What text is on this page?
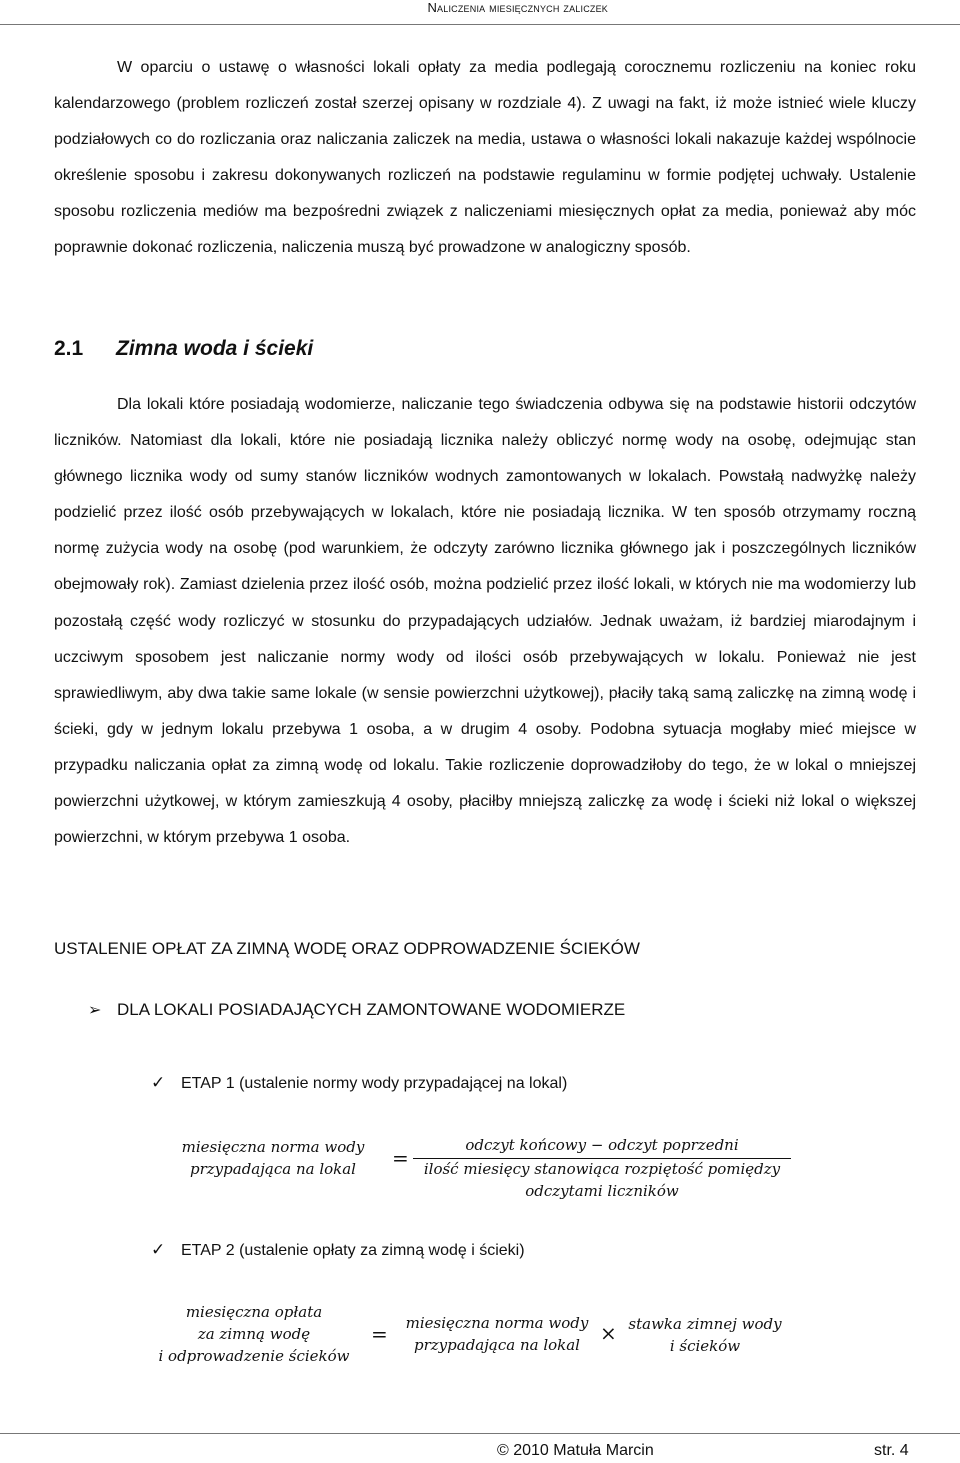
Naliczenia miesięcznych zaliczek

W oparciu o ustawę o własności lokali opłaty za media podlegają corocznemu rozliczeniu na koniec roku kalendarzowego (problem rozliczeń został szerzej opisany w rozdziale 4). Z uwagi na fakt, iż może istnieć wiele kluczy podziałowych co do rozliczania oraz naliczania zaliczek na media, ustawa o własności lokali nakazuje każdej wspólnocie określenie sposobu i zakresu dokonywanych rozliczeń na podstawie regulaminu w formie podjętej uchwały. Ustalenie sposobu rozliczenia mediów ma bezpośredni związek z naliczeniami miesięcznych opłat za media, ponieważ aby móc poprawnie dokonać rozliczenia, naliczenia muszą być prowadzone w analogiczny sposób.

2.1 Zimna woda i ścieki

Dla lokali które posiadają wodomierze, naliczanie tego świadczenia odbywa się na podstawie historii odczytów liczników. Natomiast dla lokali, które nie posiadają licznika należy obliczyć normę wody na osobę, odejmując stan głównego licznika wody od sumy stanów liczników wodnych zamontowanych w lokalach. Powstałą nadwyżkę należy podzielić przez ilość osób przebywających w lokalach, które nie posiadają licznika. W ten sposób otrzymamy roczną normę zużycia wody na osobę (pod warunkiem, że odczyty zarówno licznika głównego jak i poszczególnych liczników obejmowały rok). Zamiast dzielenia przez ilość osób, można podzielić przez ilość lokali, w których nie ma wodomierzy lub pozostałą część wody rozliczyć w stosunku do przypadających udziałów. Jednak uważam, iż bardziej miarodajnym i uczciwym sposobem jest naliczanie normy wody od ilości osób przebywających w lokalu. Ponieważ nie jest sprawiedliwym, aby dwa takie same lokale (w sensie powierzchni użytkowej), płaciły taką samą zaliczkę na zimną wodę i ścieki, gdy w jednym lokalu przebywa 1 osoba, a w drugim 4 osoby. Podobna sytuacja mogłaby mieć miejsce w przypadku naliczania opłat za zimną wodę od lokalu. Takie rozliczenie doprowadziłoby do tego, że w lokal o mniejszej powierzchni użytkowej, w którym zamieszkują 4 osoby, płaciłby mniejszą zaliczkę za wodę i ścieki niż lokal o większej powierzchni, w którym przebywa 1 osoba.

USTALENIE OPŁAT ZA ZIMNĄ WODĘ ORAZ ODPROWADZENIE ŚCIEKÓW
➢ DLA LOKALI POSIADAJĄCYCH ZAMONTOWANE WODOMIERZE
✓ ETAP 1 (ustalenie normy wody przypadającej na lokal)
miesięczna norma wody
przypadająca na lokal	=
odczyt końcowy − odczyt poprzedni
ilość miesięcy stanowiąca rozpiętość pomiędzy
odczytami liczników
✓ ETAP 2 (ustalenie opłaty za zimną wodę i ścieki)
miesięczna opłata
za zimną wodę
i odprowadzenie ścieków
=	miesięczna norma wody
przypadająca na lokal	× stawka zimnej wody
i ścieków
© 2010 Matuła Marcin	str. 4
